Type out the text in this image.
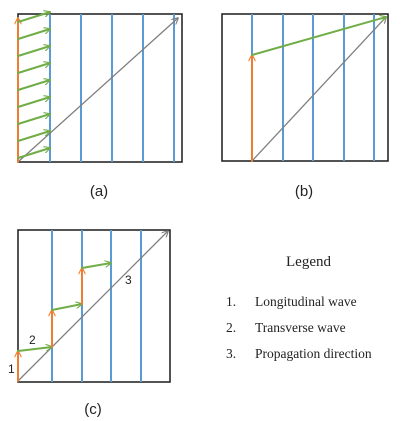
(a)	(b)
1
2
3
(c)
Legend
1. Longitudinal wave
2. Transverse wave
3. Propagation direction
